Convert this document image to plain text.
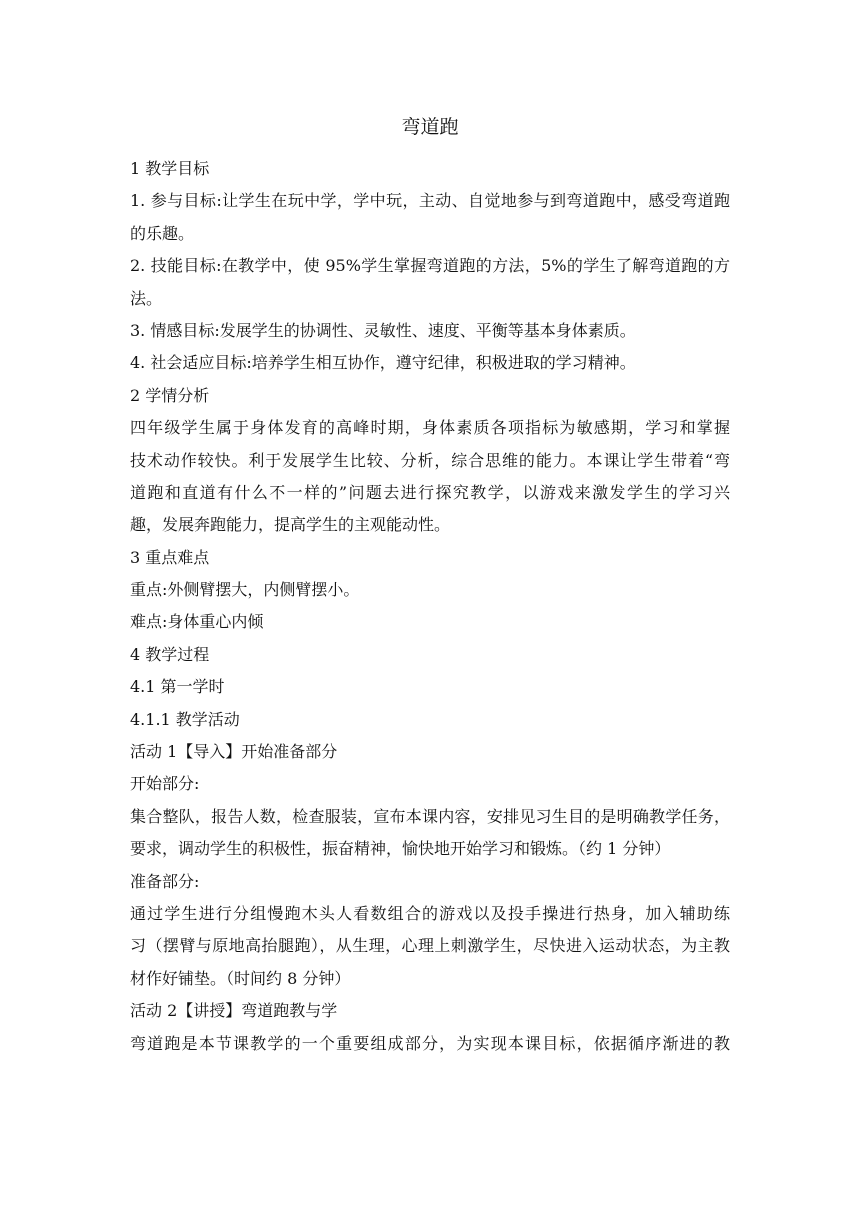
弯道跑
1 教学目标
1. 参与目标:让学生在玩中学，学中玩，主动、自觉地参与到弯道跑中，感受弯道跑
的乐趣。
2. 技能目标:在教学中，使 95%学生掌握弯道跑的方法，5%的学生了解弯道跑的方
法。
3. 情感目标:发展学生的协调性、灵敏性、速度、平衡等基本身体素质。
4. 社会适应目标:培养学生相互协作，遵守纪律，积极进取的学习精神。
2 学情分析
四年级学生属于身体发育的高峰时期，身体素质各项指标为敏感期，学习和掌握
技术动作较快。利于发展学生比较、分析，综合思维的能力。本课让学生带着“弯
道跑和直道有什么不一样的”问题去进行探究教学，以游戏来激发学生的学习兴
趣，发展奔跑能力，提高学生的主观能动性。
3 重点难点
重点:外侧臂摆大，内侧臂摆小。
难点:身体重心内倾
4 教学过程
4.1 第一学时
4.1.1 教学活动
活动 1【导入】开始准备部分
开始部分:
集合整队，报告人数，检查服装，宣布本课内容，安排见习生目的是明确教学任务，
要求，调动学生的积极性，振奋精神，愉快地开始学习和锻炼。（约 1 分钟）
准备部分:
通过学生进行分组慢跑木头人看数组合的游戏以及投手操进行热身，加入辅助练
习（摆臂与原地高抬腿跑），从生理，心理上刺激学生，尽快进入运动状态，为主教
材作好铺垫。（时间约 8 分钟）
活动 2【讲授】弯道跑教与学
弯道跑是本节课教学的一个重要组成部分，为实现本课目标，依据循序渐进的教
